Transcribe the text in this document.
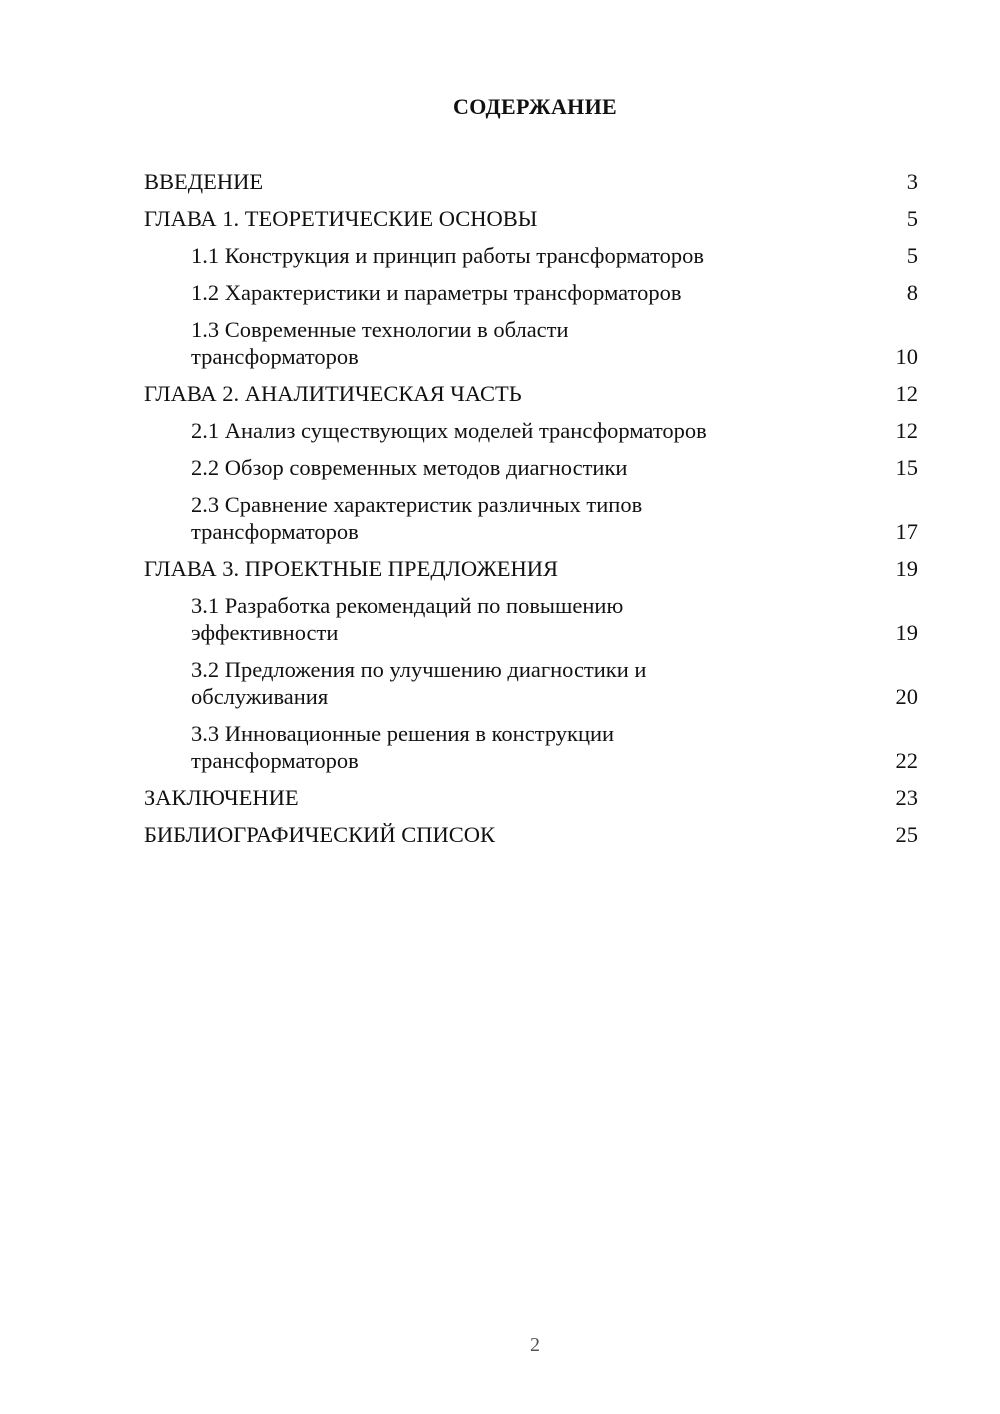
СОДЕРЖАНИЕ
ВВЕДЕНИЕ	3
ГЛАВА 1. ТЕОРЕТИЧЕСКИЕ ОСНОВЫ	5
1.1 Конструкция и принцип работы трансформаторов	5
1.2 Характеристики и параметры трансформаторов	8
1.3 Современные технологии в области трансформаторов	10
ГЛАВА 2. АНАЛИТИЧЕСКАЯ ЧАСТЬ	12
2.1 Анализ существующих моделей трансформаторов	12
2.2 Обзор современных методов диагностики	15
2.3 Сравнение характеристик различных типов трансформаторов	17
ГЛАВА 3. ПРОЕКТНЫЕ ПРЕДЛОЖЕНИЯ	19
3.1 Разработка рекомендаций по повышению эффективности	19
3.2 Предложения по улучшению диагностики и обслуживания	20
3.3 Инновационные решения в конструкции трансформаторов	22
ЗАКЛЮЧЕНИЕ	23
БИБЛИОГРАФИЧЕСКИЙ СПИСОК	25
2
